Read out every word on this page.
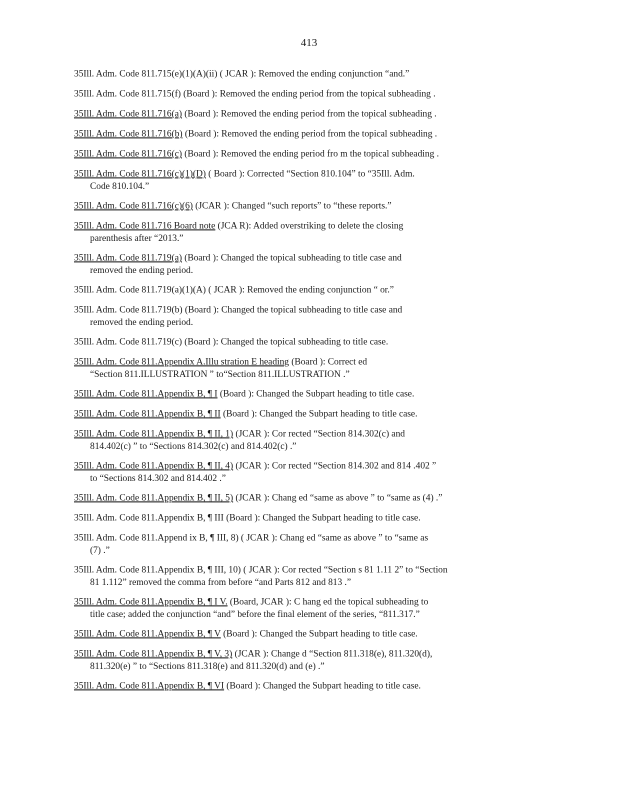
413
35Ill. Adm. Code 811.715(e)(1)(A)(ii) ( JCAR ): Removed the ending conjunction “and.”
35Ill. Adm. Code 811.715(f) (Board ): Removed the ending period from the topical subheading .
35Ill. Adm. Code 811.716(a) (Board ): Removed the ending period from the topical subheading .
35Ill. Adm. Code 811.716(b) (Board ): Removed the ending period from the topical subheading .
35Ill. Adm. Code 811.716(c) (Board ): Removed the ending period fro m the topical subheading .
35Ill. Adm. Code 811.716(c)(1)(D) ( Board ): Corrected “Section 810.104” to “35Ill. Adm.
Code 810.104.”
35Ill. Adm. Code 811.716(c)(6) (JCAR ): Changed “such reports” to “these reports.”
35Ill. Adm. Code 811.716 Board note (JCA R): Added overstriking to delete the closing
parenthesis after “2013.”
35Ill. Adm. Code 811.719(a) (Board ): Changed the topical subheading to title case and
removed the ending period.
35Ill. Adm. Code 811.719(a)(1)(A) ( JCAR ): Removed the ending conjunction “ or.”
35Ill. Adm. Code 811.719(b) (Board ): Changed the topical subheading to title case and
removed the ending period.
35Ill. Adm. Code 811.719(c) (Board ): Changed the topical subheading to title case.
35Ill. Adm. Code 811.Appendix A.Illu stration E heading (Board ): Correct ed
“Section 811.ILLUSTRATION ” to“Section 811.ILLUSTRATION .”
35Ill. Adm. Code 811.Appendix B, ¶ I (Board ): Changed the Subpart heading to title case.
35Ill. Adm. Code 811.Appendix B, ¶ II (Board ): Changed the Subpart heading to title case.
35Ill. Adm. Code 811.Appendix B, ¶ II, 1) (JCAR ): Cor rected “Section 814.302(c) and
814.402(c) ” to “Sections 814.302(c) and 814.402(c) .”
35Ill. Adm. Code 811.Appendix B, ¶ II, 4) (JCAR ): Cor rected “Section 814.302 and 814 .402 ”
to “Sections 814.302 and 814.402 .”
35Ill. Adm. Code 811.Appendix B, ¶ II, 5) (JCAR ): Chang ed “same as above ” to “same as (4) .”
35Ill. Adm. Code 811.Appendix B, ¶ III (Board ): Changed the Subpart heading to title case.
35Ill. Adm. Code 811.Append ix B, ¶ III, 8) ( JCAR ): Chang ed “same as above ” to “same as
(7) .”
35Ill. Adm. Code 811.Appendix B, ¶ III, 10) ( JCAR ): Cor rected “Section s 81 1.11 2” to “Section
81 1.112” removed the comma from before “and Parts 812 and 813 .”
35Ill. Adm. Code 811.Appendix B, ¶ I V. (Board, JCAR ): C hang ed the topical subheading to
title case; added the conjunction “and” before the final element of the series, “811.317.”
35Ill. Adm. Code 811.Appendix B, ¶ V (Board ): Changed the Subpart heading to title case.
35Ill. Adm. Code 811.Appendix B, ¶ V, 3) (JCAR ): Change d “Section 811.318(e), 811.320(d),
811.320(e) ” to “Sections 811.318(e) and 811.320(d) and (e) .”
35Ill. Adm. Code 811.Appendix B, ¶ VI (Board ): Changed the Subpart heading to title case.
